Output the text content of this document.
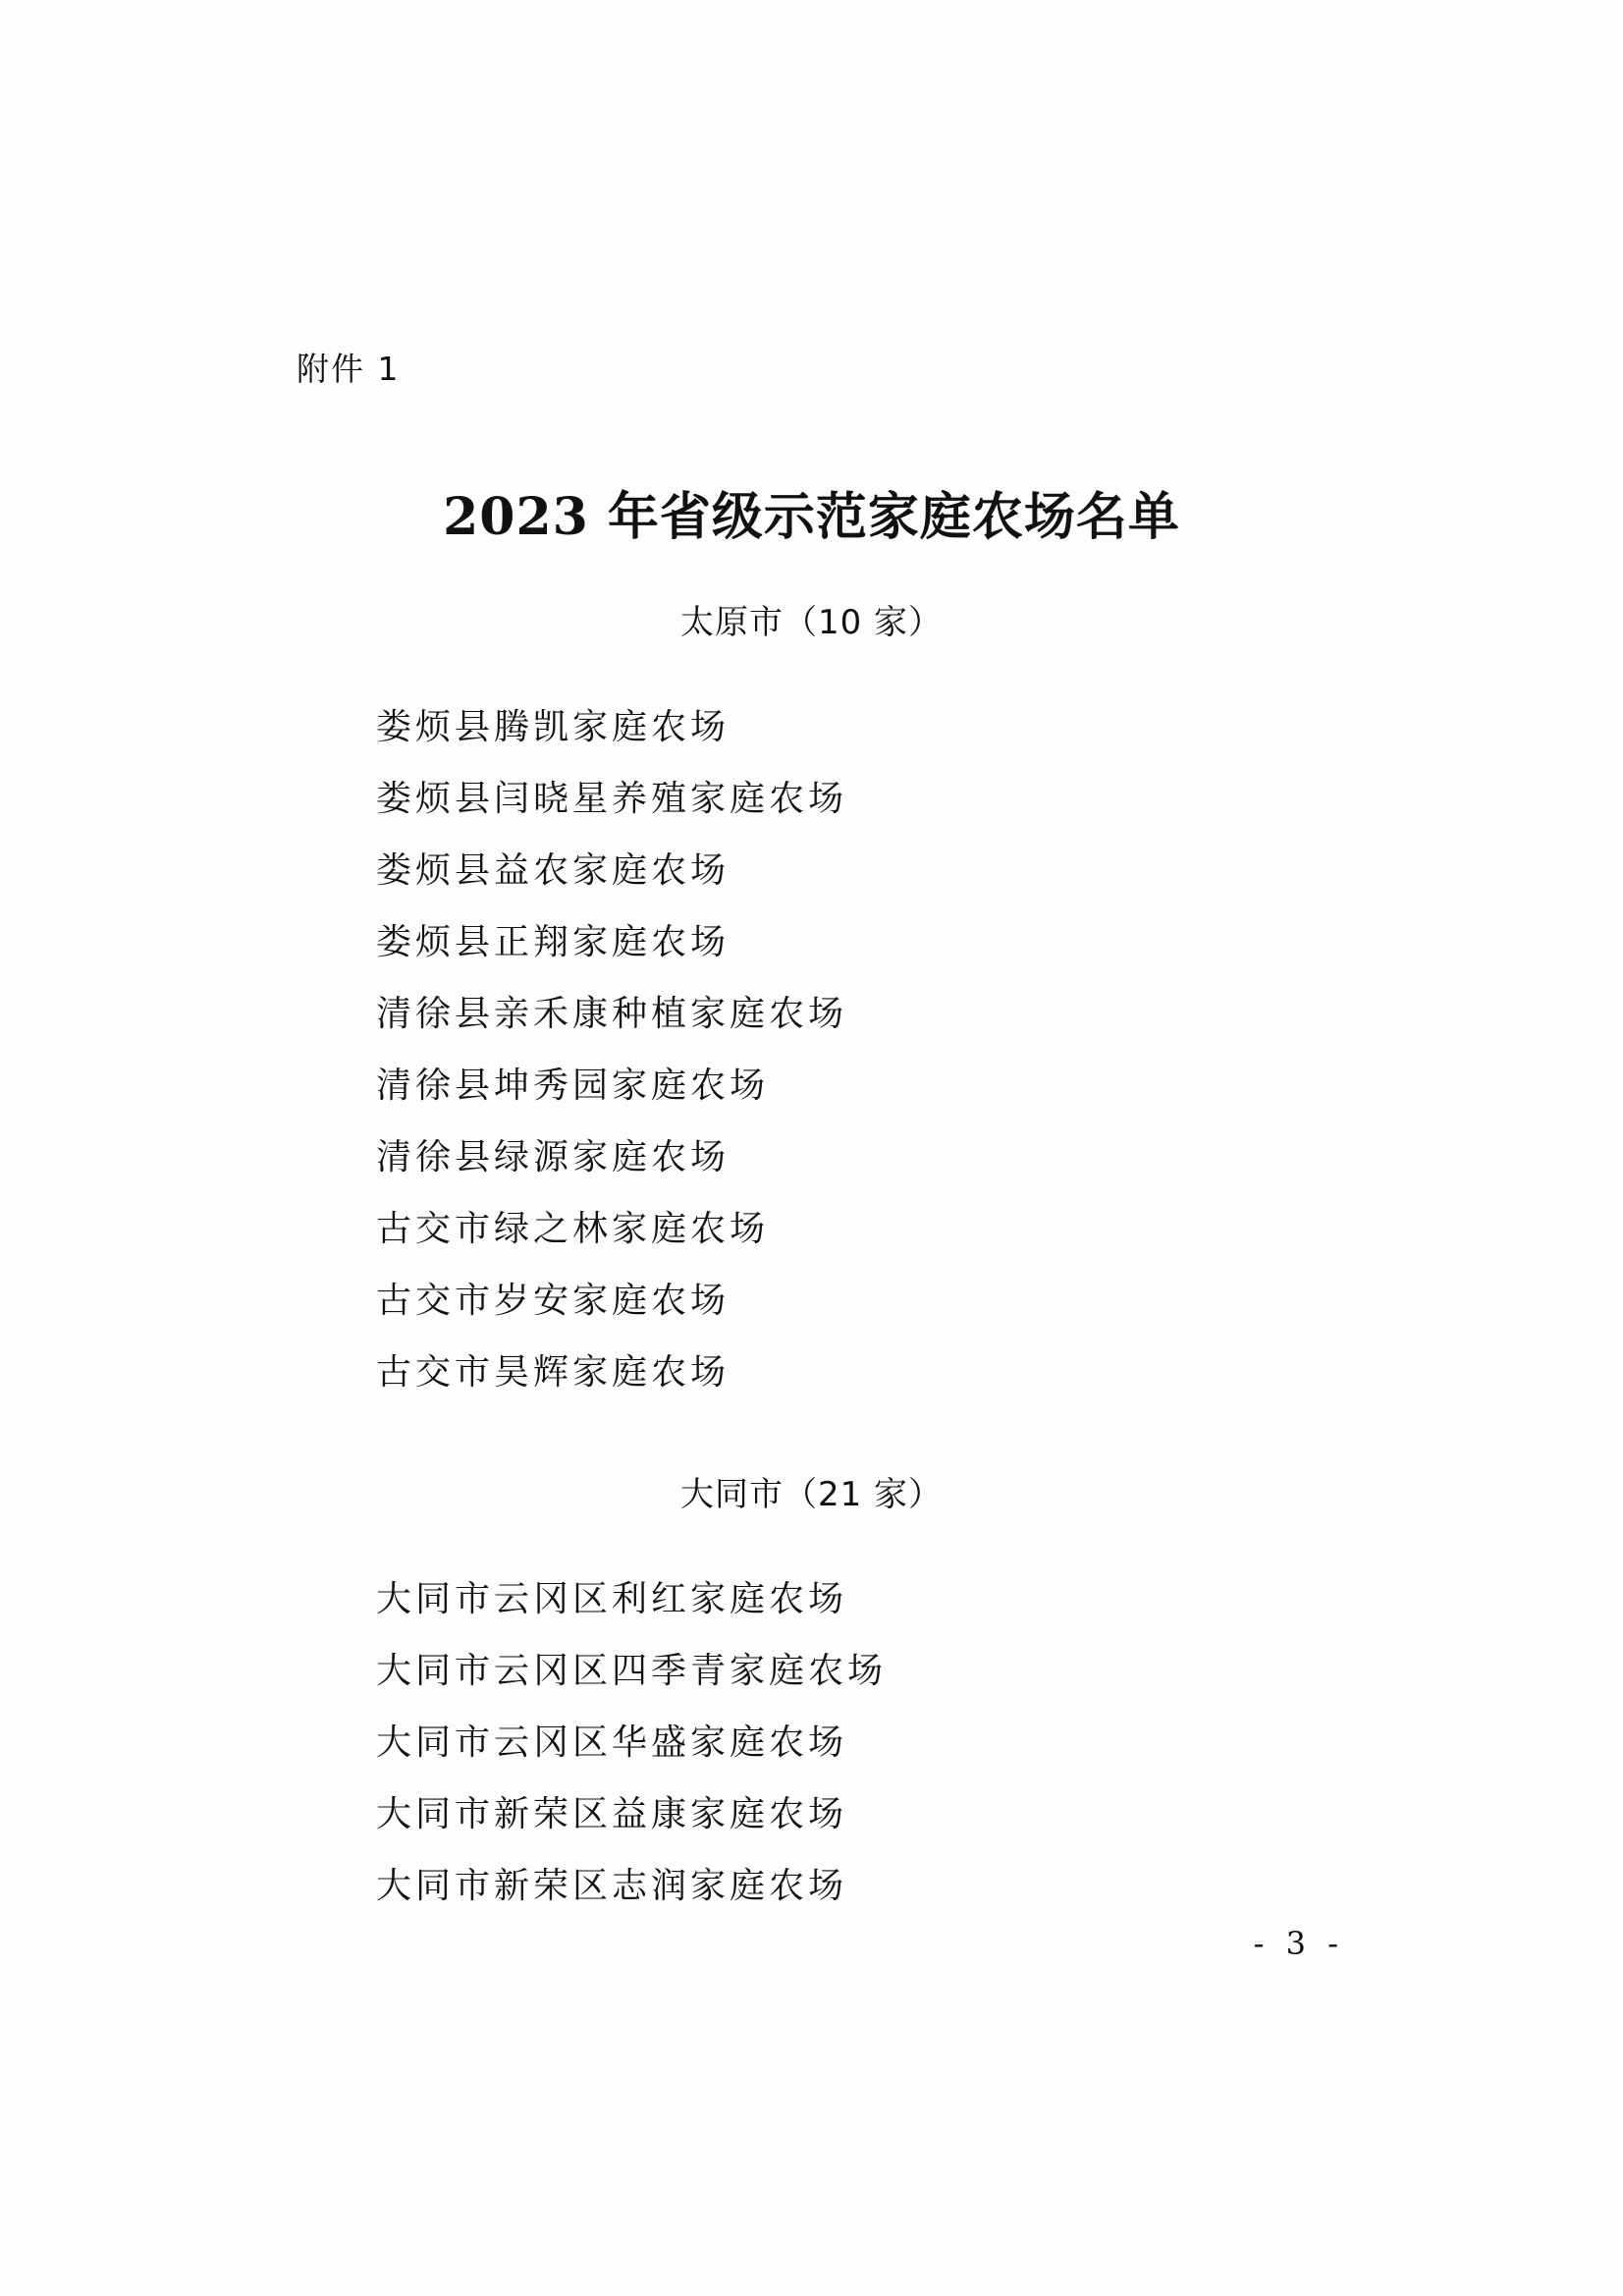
附件 1
2023 年省级示范家庭农场名单
太原市（10 家）
娄烦县腾凯家庭农场
娄烦县闫晓星养殖家庭农场
娄烦县益农家庭农场
娄烦县正翔家庭农场
清徐县亲禾康种植家庭农场
清徐县坤秀园家庭农场
清徐县绿源家庭农场
古交市绿之林家庭农场
古交市岁安家庭农场
古交市昊辉家庭农场
大同市（21 家）
大同市云冈区利红家庭农场
大同市云冈区四季青家庭农场
大同市云冈区华盛家庭农场
大同市新荣区益康家庭农场
大同市新荣区志润家庭农场
- 3 -
